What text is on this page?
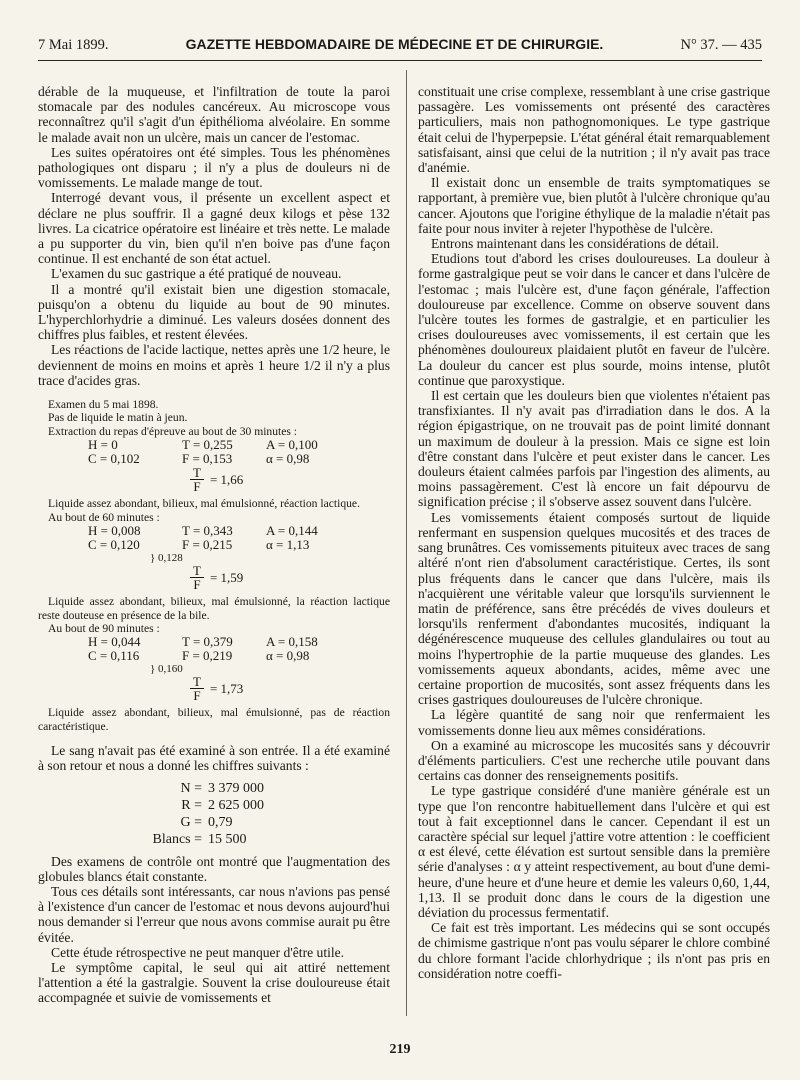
7 Mai 1899.	GAZETTE HEBDOMADAIRE DE MÉDECINE ET DE CHIRURGIE.	N° 37. — 435

dérable de la muqueuse, et l'infiltration de toute la paroi stomacale par des nodules cancéreux. Au microscope vous reconnaîtrez qu'il s'agit d'un épithélioma alvéolaire. En somme le malade avait non un ulcère, mais un cancer de l'estomac.

Les suites opératoires ont été simples. Tous les phénomènes pathologiques ont disparu ; il n'y a plus de douleurs ni de vomissements. Le malade mange de tout.

Interrogé devant vous, il présente un excellent aspect et déclare ne plus souffrir. Il a gagné deux kilogs et pèse 132 livres. La cicatrice opératoire est linéaire et très nette. Le malade a pu supporter du vin, bien qu'il n'en boive pas d'une façon continue. Il est enchanté de son état actuel.

L'examen du suc gastrique a été pratiqué de nouveau.

Il a montré qu'il existait bien une digestion stomacale, puisqu'on a obtenu du liquide au bout de 90 minutes. L'hyperchlorhydrie a diminué. Les valeurs dosées donnent des chiffres plus faibles, et restent élevées.

Les réactions de l'acide lactique, nettes après une 1/2 heure, le deviennent de moins en moins et après 1 heure 1/2 il n'y a plus trace d'acides gras.

Examen du 5 mai 1898.

Pas de liquide le matin à jeun.

Extraction du repas d'épreuve au bout de 30 minutes :

H = 0	T = 0,255	A = 0,100
C = 0,102	F = 0,153	α = 0,98
$\frac{T}{F} = 1,66$

Liquide assez abondant, bilieux, mal émulsionné, réaction lactique.

Au bout de 60 minutes :

H = 0,008	T = 0,343	A = 0,144
C = 0,120	F = 0,215	α = 1,13
} 0,128
$\frac{T}{F} = 1,59$

Liquide assez abondant, bilieux, mal émulsionné, la réaction lactique reste douteuse en présence de la bile.

Au bout de 90 minutes :

H = 0,044	T = 0,379	A = 0,158
C = 0,116	F = 0,219	α = 0,98
} 0,160
$\frac{T}{F} = 1,73$

Liquide assez abondant, bilieux, mal émulsionné, pas de réaction caractéristique.

Le sang n'avait pas été examiné à son entrée. Il a été examiné à son retour et nous a donné les chiffres suivants :

N = 3 379 000
R = 2 625 000
G = 0,79
Blancs = 15 500

Des examens de contrôle ont montré que l'augmentation des globules blancs était constante.

Tous ces détails sont intéressants, car nous n'avions pas pensé à l'existence d'un cancer de l'estomac et nous devons aujourd'hui nous demander si l'erreur que nous avons commise aurait pu être évitée.

Cette étude rétrospective ne peut manquer d'être utile.

Le symptôme capital, le seul qui ait attiré nettement l'attention a été la gastralgie. Souvent la crise douloureuse était accompagnée et suivie de vomissements et

constituait une crise complexe, ressemblant à une crise gastrique passagère. Les vomissements ont présenté des caractères particuliers, mais non pathognomoniques. Le type gastrique était celui de l'hyperpepsie. L'état général était remarquablement satisfaisant, ainsi que celui de la nutrition ; il n'y avait pas trace d'anémie.

Il existait donc un ensemble de traits symptomatiques se rapportant, à première vue, bien plutôt à l'ulcère chronique qu'au cancer. Ajoutons que l'origine éthylique de la maladie n'était pas faite pour nous inviter à rejeter l'hypothèse de l'ulcère.

Entrons maintenant dans les considérations de détail.

Etudions tout d'abord les crises douloureuses. La douleur à forme gastralgique peut se voir dans le cancer et dans l'ulcère de l'estomac ; mais l'ulcère est, d'une façon générale, l'affection douloureuse par excellence. Comme on observe souvent dans l'ulcère toutes les formes de gastralgie, et en particulier les crises douloureuses avec vomissements, il est certain que les phénomènes douloureux plaidaient plutôt en faveur de l'ulcère. La douleur du cancer est plus sourde, moins intense, plutôt continue que paroxystique.

Il est certain que les douleurs bien que violentes n'étaient pas transfixiantes. Il n'y avait pas d'irradiation dans le dos. A la région épigastrique, on ne trouvait pas de point limité donnant un maximum de douleur à la pression. Mais ce signe est loin d'être constant dans l'ulcère et peut exister dans le cancer. Les douleurs étaient calmées parfois par l'ingestion des aliments, au moins passagèrement. C'est là encore un fait dépourvu de signification précise ; il s'observe assez souvent dans l'ulcère.

Les vomissements étaient composés surtout de liquide renfermant en suspension quelques mucosités et des traces de sang brunâtres. Ces vomissements pituiteux avec traces de sang altéré n'ont rien d'absolument caractéristique. Certes, ils sont plus fréquents dans le cancer que dans l'ulcère, mais ils n'acquièrent une véritable valeur que lorsqu'ils surviennent le matin de préférence, sans être précédés de vives douleurs et lorsqu'ils renferment d'abondantes mucosités, indiquant la dégénérescence muqueuse des cellules glandulaires ou tout au moins l'hypertrophie de la partie muqueuse des glandes. Les vomissements aqueux abondants, acides, même avec une certaine proportion de mucosités, sont assez fréquents dans les crises gastriques douloureuses de l'ulcère chronique.

La légère quantité de sang noir que renfermaient les vomissements donne lieu aux mêmes considérations.

On a examiné au microscope les mucosités sans y découvrir d'éléments particuliers. C'est une recherche utile pouvant dans certains cas donner des renseignements positifs.

Le type gastrique considéré d'une manière générale est un type que l'on rencontre habituellement dans l'ulcère et qui est tout à fait exceptionnel dans le cancer. Cependant il est un caractère spécial sur lequel j'attire votre attention : le coefficient α est élevé, cette élévation est surtout sensible dans la première série d'analyses : α y atteint respectivement, au bout d'une demi-heure, d'une heure et d'une heure et demie les valeurs 0,60, 1,44, 1,13. Il se produit donc dans le cours de la digestion une déviation du processus fermentatif.

Ce fait est très important. Les médecins qui se sont occupés de chimisme gastrique n'ont pas voulu séparer le chlore combiné du chlore formant l'acide chlorhydrique ; ils n'ont pas pris en considération notre coeffi-

219
